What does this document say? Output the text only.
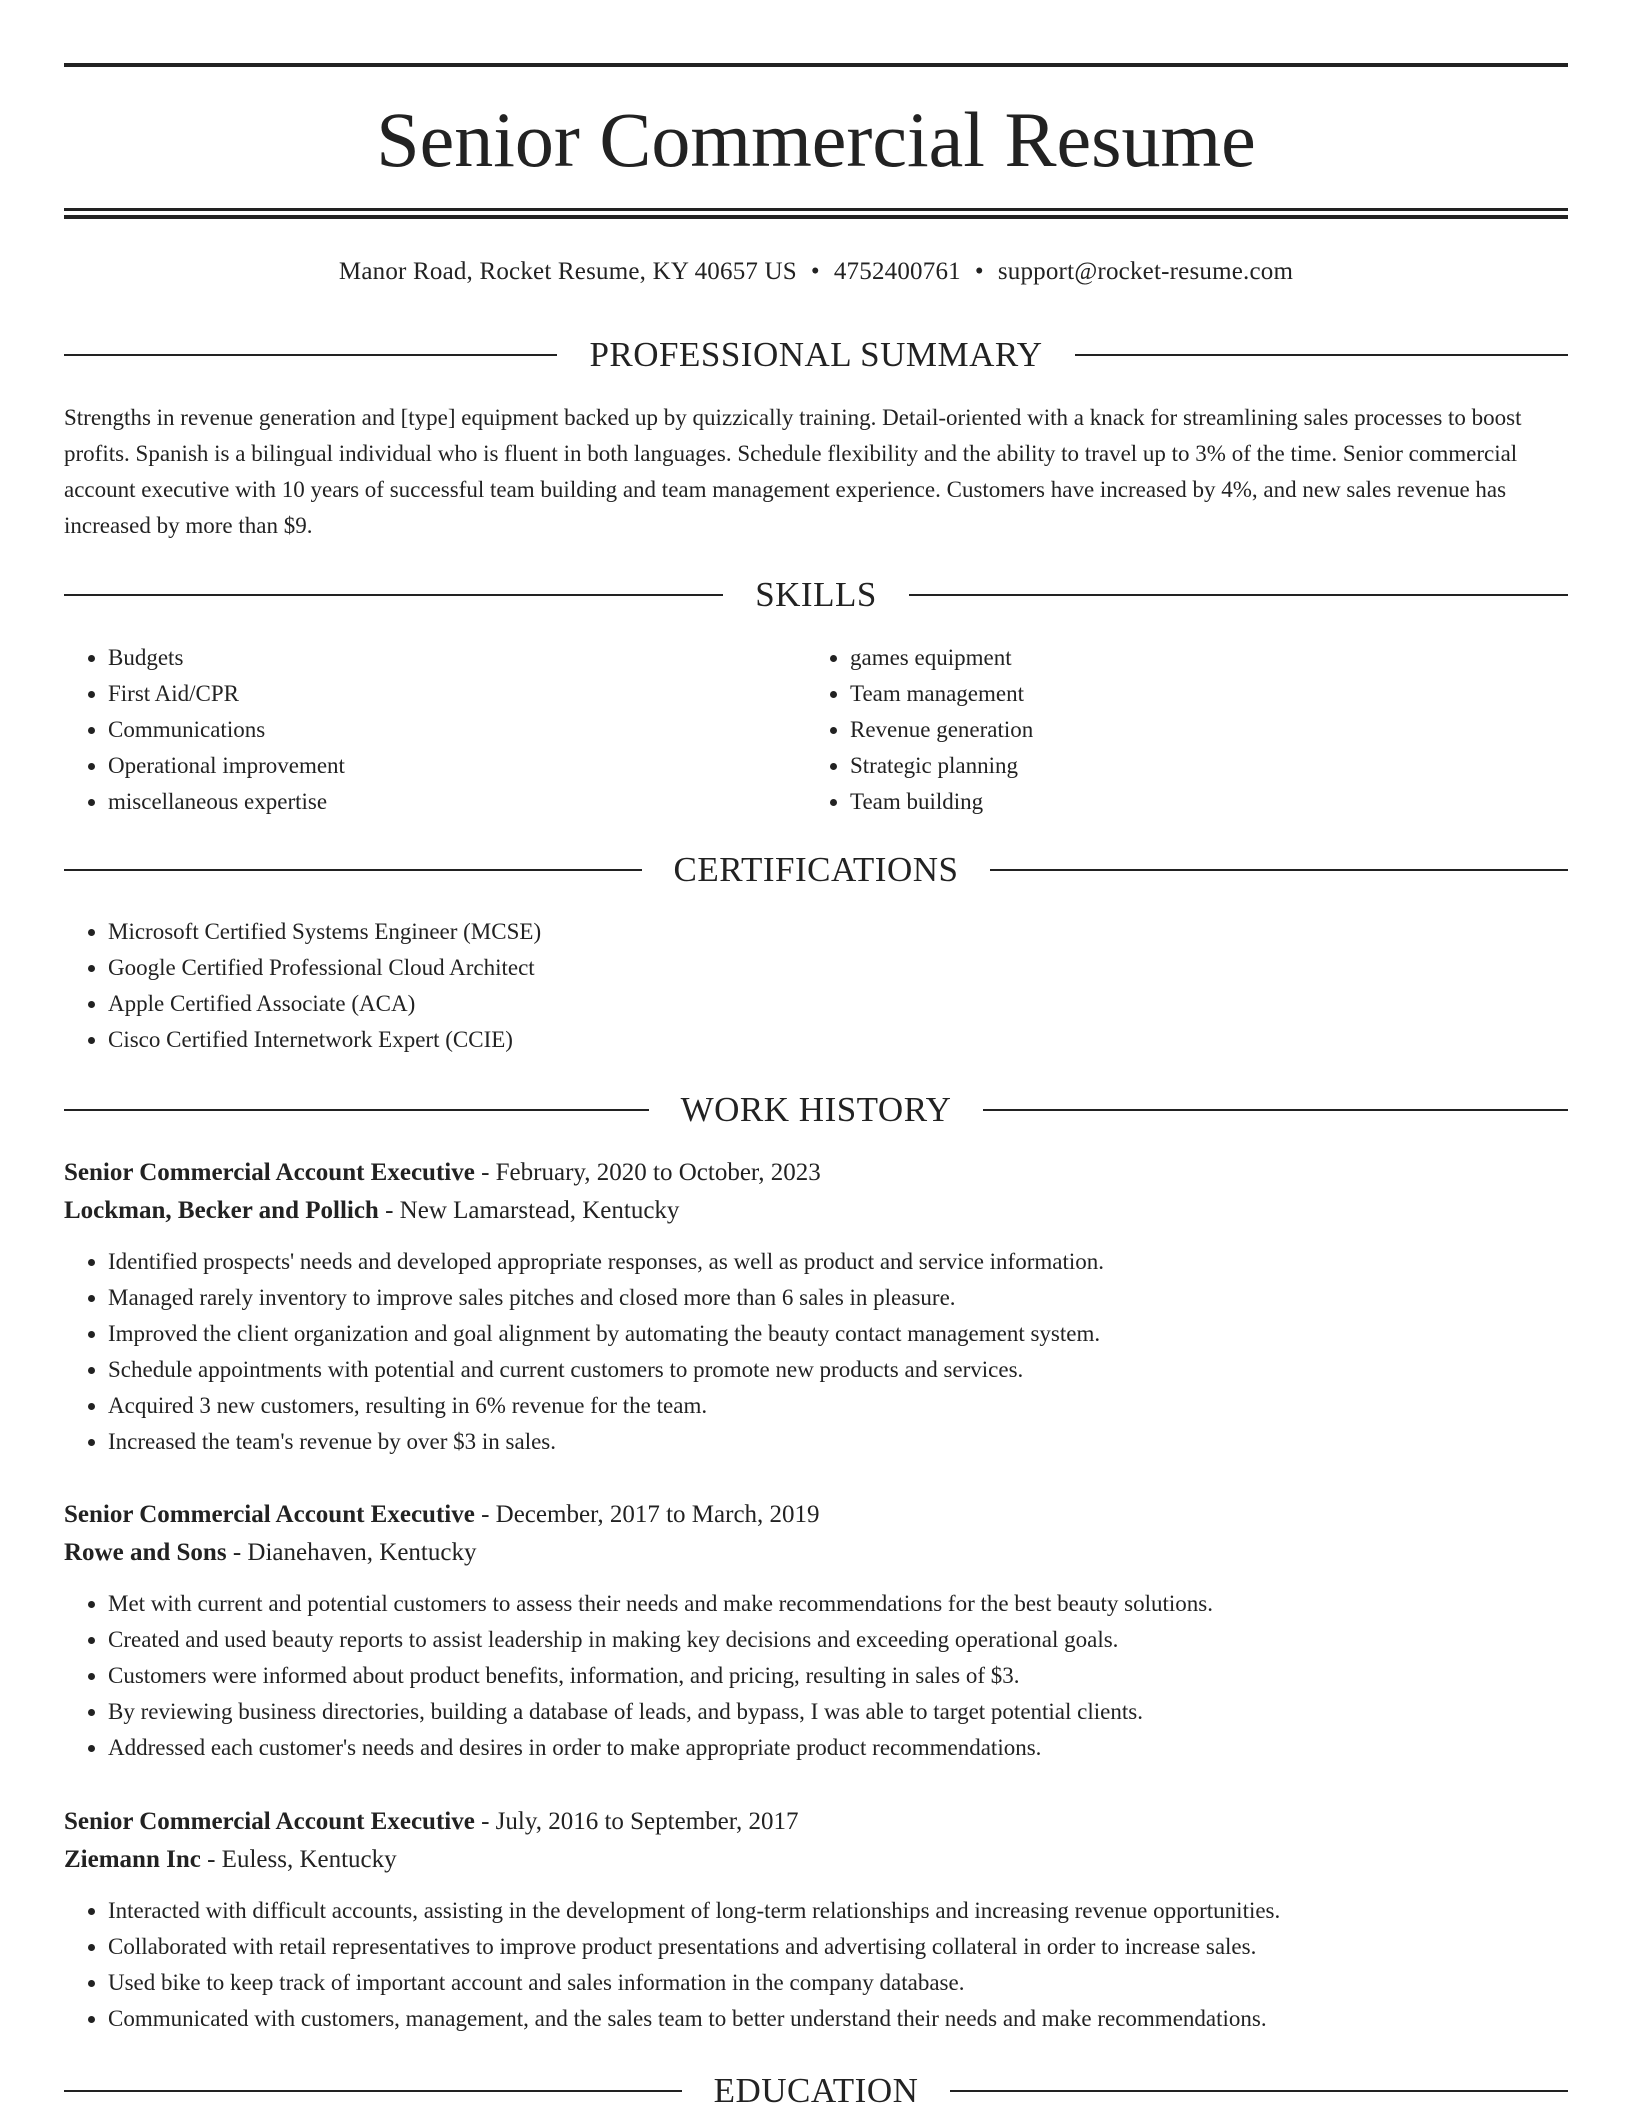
Senior Commercial Resume
Manor Road, Rocket Resume, KY 40657 US • 4752400761 • support@rocket-resume.com
PROFESSIONAL SUMMARY

Strengths in revenue generation and [type] equipment backed up by quizzically training. Detail-oriented with a knack for streamlining sales processes to boost profits. Spanish is a bilingual individual who is fluent in both languages. Schedule flexibility and the ability to travel up to 3% of the time. Senior commercial account executive with 10 years of successful team building and team management experience. Customers have increased by 4%, and new sales revenue has increased by more than $9.

SKILLS
• Budgets
• First Aid/CPR
• Communications
• Operational improvement
• miscellaneous expertise
• games equipment
• Team management
• Revenue generation
• Strategic planning
• Team building
CERTIFICATIONS
• Microsoft Certified Systems Engineer (MCSE)
• Google Certified Professional Cloud Architect
• Apple Certified Associate (ACA)
• Cisco Certified Internetwork Expert (CCIE)
WORK HISTORY
Senior Commercial Account Executive - February, 2020 to October, 2023
Lockman, Becker and Pollich - New Lamarstead, Kentucky
• Identified prospects' needs and developed appropriate responses, as well as product and service information.
• Managed rarely inventory to improve sales pitches and closed more than 6 sales in pleasure.
• Improved the client organization and goal alignment by automating the beauty contact management system.
• Schedule appointments with potential and current customers to promote new products and services.
• Acquired 3 new customers, resulting in 6% revenue for the team.
• Increased the team's revenue by over $3 in sales.
Senior Commercial Account Executive - December, 2017 to March, 2019
Rowe and Sons - Dianehaven, Kentucky
• Met with current and potential customers to assess their needs and make recommendations for the best beauty solutions.
• Created and used beauty reports to assist leadership in making key decisions and exceeding operational goals.
• Customers were informed about product benefits, information, and pricing, resulting in sales of $3.
• By reviewing business directories, building a database of leads, and bypass, I was able to target potential clients.
• Addressed each customer's needs and desires in order to make appropriate product recommendations.
Senior Commercial Account Executive - July, 2016 to September, 2017
Ziemann Inc - Euless, Kentucky
• Interacted with difficult accounts, assisting in the development of long-term relationships and increasing revenue opportunities.
• Collaborated with retail representatives to improve product presentations and advertising collateral in order to increase sales.
• Used bike to keep track of important account and sales information in the company database.
• Communicated with customers, management, and the sales team to better understand their needs and make recommendations.
EDUCATION
